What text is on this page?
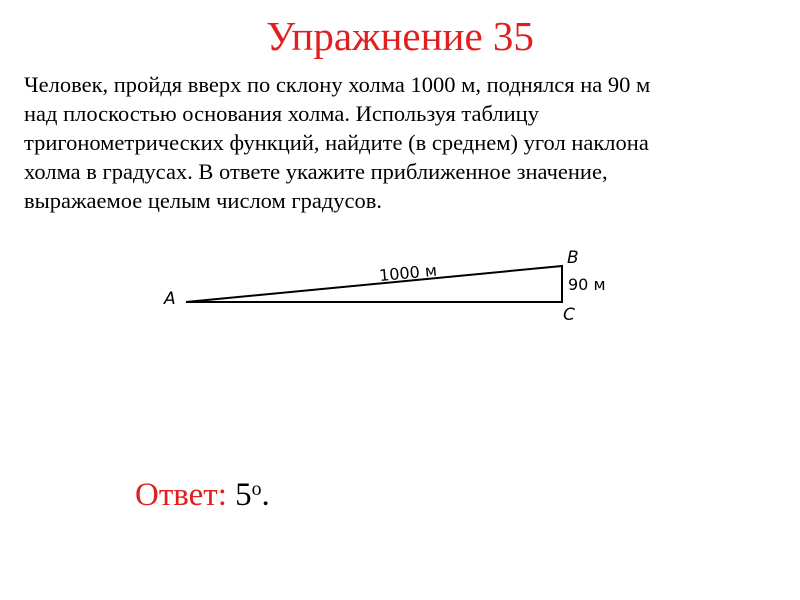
Упражнение 35

Человек, пройдя вверх по склону холма 1000 м, поднялся на 90 м
над плоскостью основания холма. Используя таблицу
тригонометрических функций, найдите (в среднем) угол наклона
холма в градусах. В ответе укажите приближенное значение,
выражаемое целым числом градусов.

A
B
C
1000 м	90 м
Ответ: 5$^o$.
